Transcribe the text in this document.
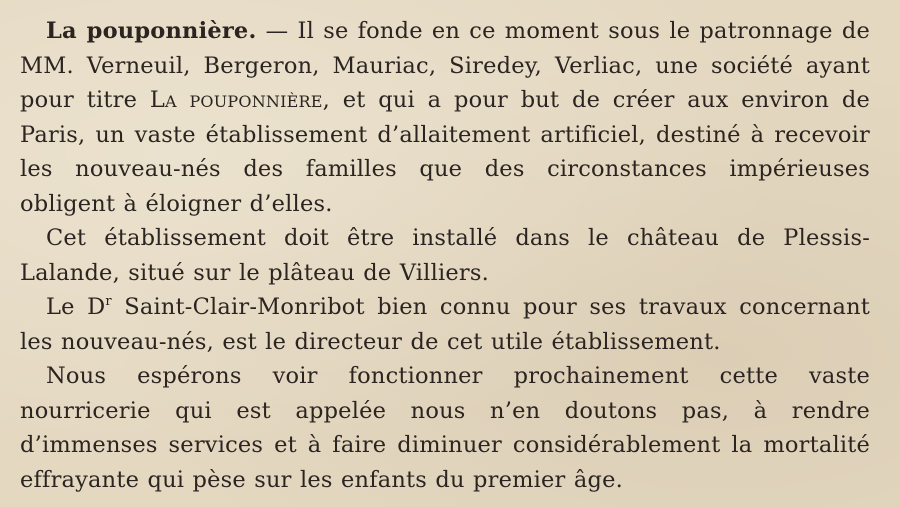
La pouponnière. — Il se fonde en ce moment sous le patronnage de MM. Verneuil, Bergeron, Mauriac, Siredey, Verliac, une société ayant pour titre La pouponnière, et qui a pour but de créer aux environ de Paris, un vaste établissement d’allaitement artificiel, destiné à recevoir les nouveau-nés des familles que des circonstances impérieuses obligent à éloigner d’elles.

Cet établissement doit être installé dans le château de Plessis-Lalande, situé sur le plâteau de Villiers.

Le $D^r$ Saint-Clair-Monribot bien connu pour ses travaux concernant les nouveau-nés, est le directeur de cet utile établissement.

Nous espérons voir fonctionner prochainement cette vaste nourricerie qui est appelée nous n’en doutons pas, à rendre d’immenses services et à faire diminuer considérablement la mortalité effrayante qui pèse sur les enfants du premier âge.
